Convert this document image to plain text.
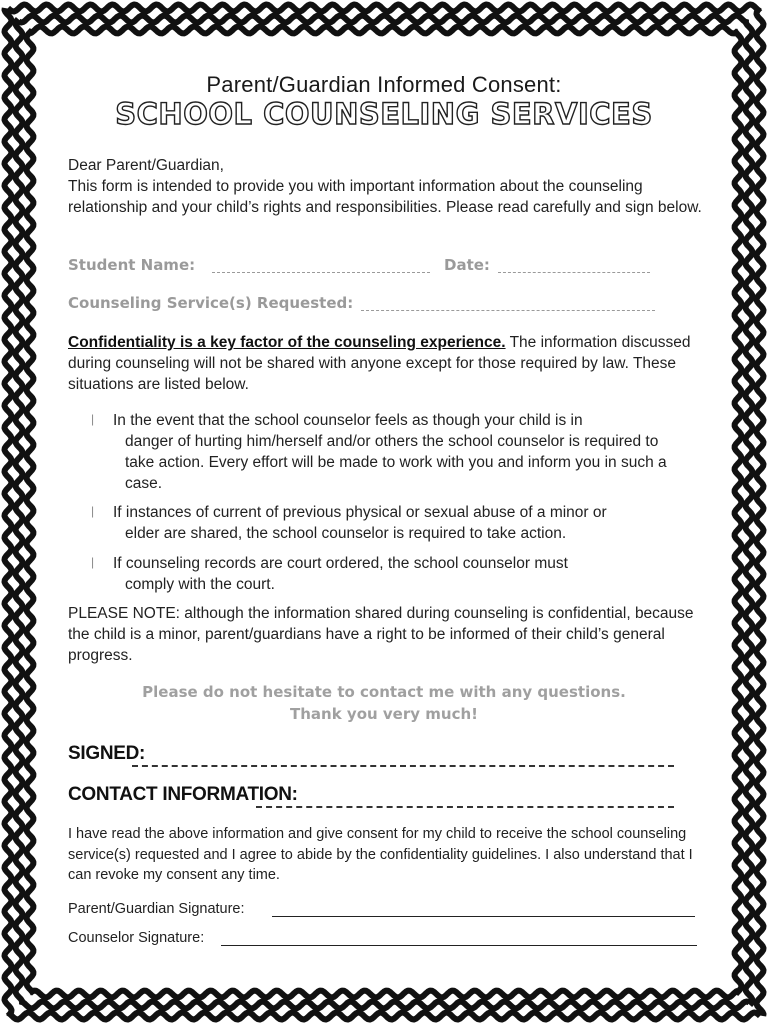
Parent/Guardian Informed Consent:
SCHOOL COUNSELING SERVICES
Dear Parent/Guardian,
This form is intended to provide you with important information about the counseling relationship and your child’s rights and responsibilities. Please read carefully and sign below.
Student Name:	Date:
Counseling Service(s) Requested:
Confidentiality is a key factor of the counseling experience. The information discussed during counseling will not be shared with anyone except for those required by law. These situations are listed below.
| In the event that the school counselor feels as though your child is in
danger of hurting him/herself and/or others the school counselor is required to take action. Every effort will be made to work with you and inform you in such a case.
| If instances of current of previous physical or sexual abuse of a minor or
elder are shared, the school counselor is required to take action.
| If counseling records are court ordered, the school counselor must
comply with the court.
PLEASE NOTE: although the information shared during counseling is confidential, because the child is a minor, parent/guardians have a right to be informed of their child’s general progress.
Please do not hesitate to contact me with any questions.
Thank you very much!
SIGNED:
CONTACT INFORMATION:
I have read the above information and give consent for my child to receive the school counseling service(s) requested and I agree to abide by the confidentiality guidelines. I also understand that I can revoke my consent any time.
Parent/Guardian Signature:
Counselor Signature:
